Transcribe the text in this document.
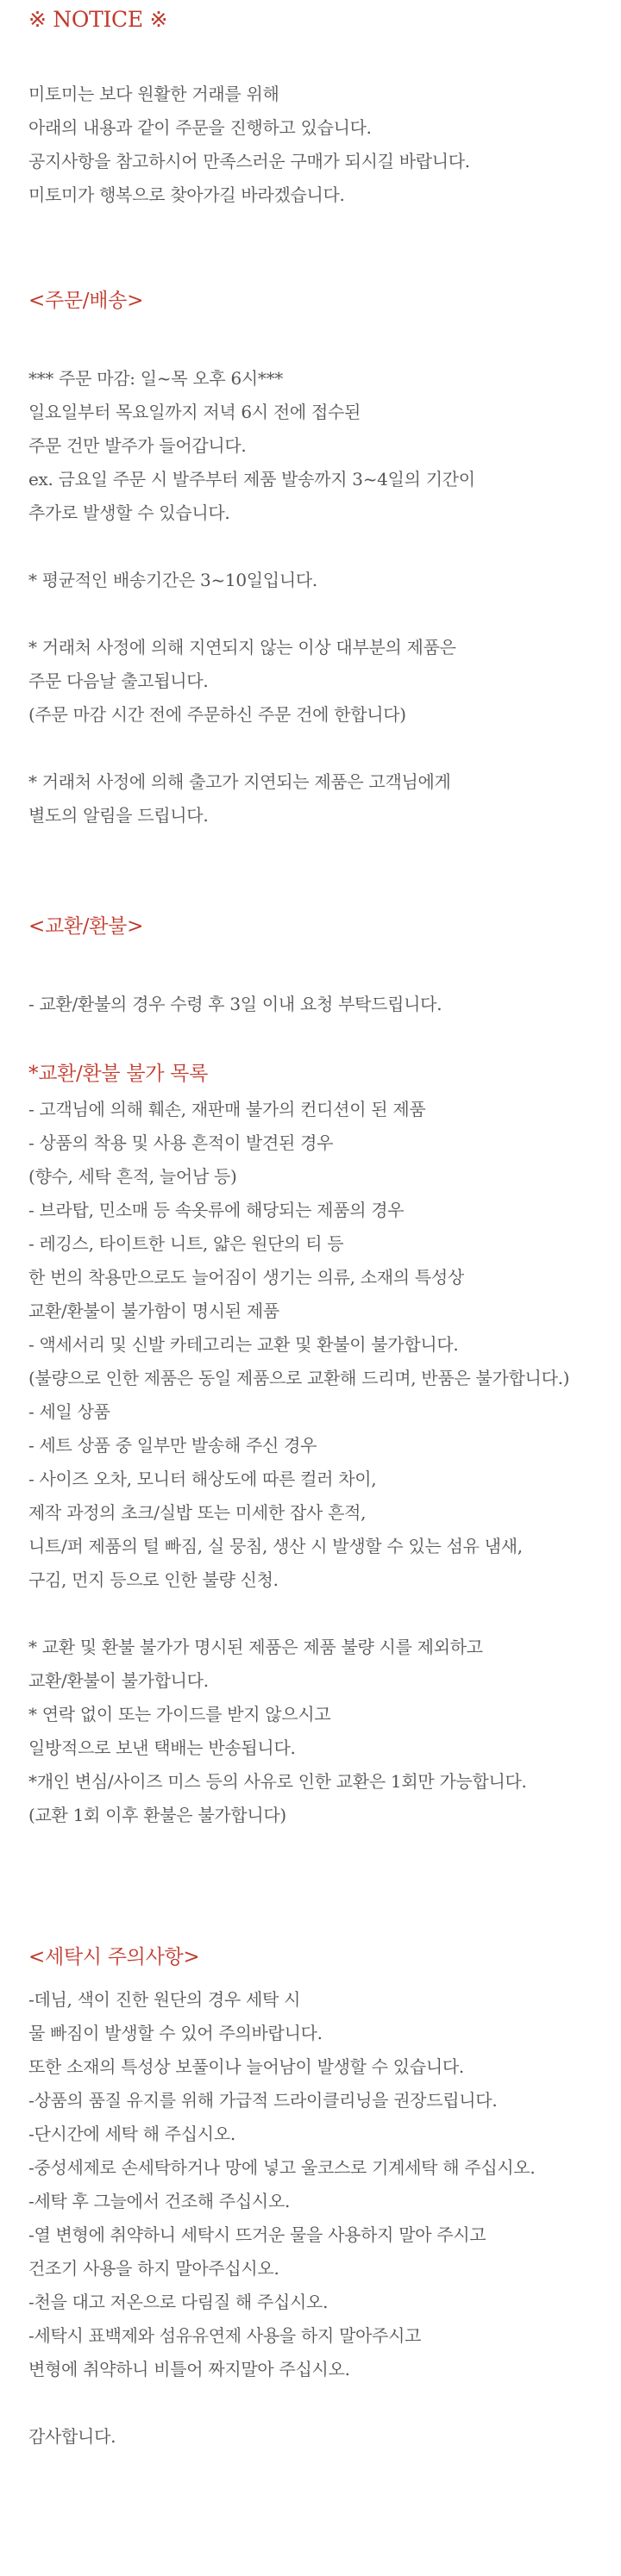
※ NOTICE ※
미토미는 보다 원활한 거래를 위해
아래의 내용과 같이 주문을 진행하고 있습니다.
공지사항을 참고하시어 만족스러운 구매가 되시길 바랍니다.
미토미가 행복으로 찾아가길 바라겠습니다.
<주문/배송>
*** 주문 마감: 일~목 오후 6시***
일요일부터 목요일까지 저녁 6시 전에 접수된
주문 건만 발주가 들어갑니다.
ex. 금요일 주문 시 발주부터 제품 발송까지 3~4일의 기간이
추가로 발생할 수 있습니다.
* 평균적인 배송기간은 3~10일입니다.
* 거래처 사정에 의해 지연되지 않는 이상 대부분의 제품은
주문 다음날 출고됩니다.
(주문 마감 시간 전에 주문하신 주문 건에 한합니다)
* 거래처 사정에 의해 출고가 지연되는 제품은 고객님에게
별도의 알림을 드립니다.
<교환/환불>
- 교환/환불의 경우 수령 후 3일 이내 요청 부탁드립니다.
*교환/환불 불가 목록
- 고객님에 의해 훼손, 재판매 불가의 컨디션이 된 제품
- 상품의 착용 및 사용 흔적이 발견된 경우
(향수, 세탁 흔적, 늘어남 등)
- 브라탑, 민소매 등 속옷류에 해당되는 제품의 경우
- 레깅스, 타이트한 니트, 얇은 원단의 티 등
한 번의 착용만으로도 늘어짐이 생기는 의류, 소재의 특성상
교환/환불이 불가함이 명시된 제품
- 액세서리 및 신발 카테고리는 교환 및 환불이 불가합니다.
(불량으로 인한 제품은 동일 제품으로 교환해 드리며, 반품은 불가합니다.)
- 세일 상품
- 세트 상품 중 일부만 발송해 주신 경우
- 사이즈 오차, 모니터 해상도에 따른 컬러 차이,
제작 과정의 초크/실밥 또는 미세한 잡사 흔적,
니트/퍼 제품의 털 빠짐, 실 뭉침, 생산 시 발생할 수 있는 섬유 냄새,
구김, 먼지 등으로 인한 불량 신청.
* 교환 및 환불 불가가 명시된 제품은 제품 불량 시를 제외하고
교환/환불이 불가합니다.
* 연락 없이 또는 가이드를 받지 않으시고
일방적으로 보낸 택배는 반송됩니다.
*개인 변심/사이즈 미스 등의 사유로 인한 교환은 1회만 가능합니다.
(교환 1회 이후 환불은 불가합니다)
<세탁시 주의사항>
-데님, 색이 진한 원단의 경우 세탁 시
물 빠짐이 발생할 수 있어 주의바랍니다.
또한 소재의 특성상 보풀이나 늘어남이 발생할 수 있습니다.
-상품의 품질 유지를 위해 가급적 드라이클리닝을 권장드립니다.
-단시간에 세탁 해 주십시오.
-중성세제로 손세탁하거나 망에 넣고 울코스로 기계세탁 해 주십시오.
-세탁 후 그늘에서 건조해 주십시오.
-열 변형에 취약하니 세탁시 뜨거운 물을 사용하지 말아 주시고
건조기 사용을 하지 말아주십시오.
-천을 대고 저온으로 다림질 해 주십시오.
-세탁시 표백제와 섬유유연제 사용을 하지 말아주시고
변형에 취약하니 비틀어 짜지말아 주십시오.
감사합니다.
